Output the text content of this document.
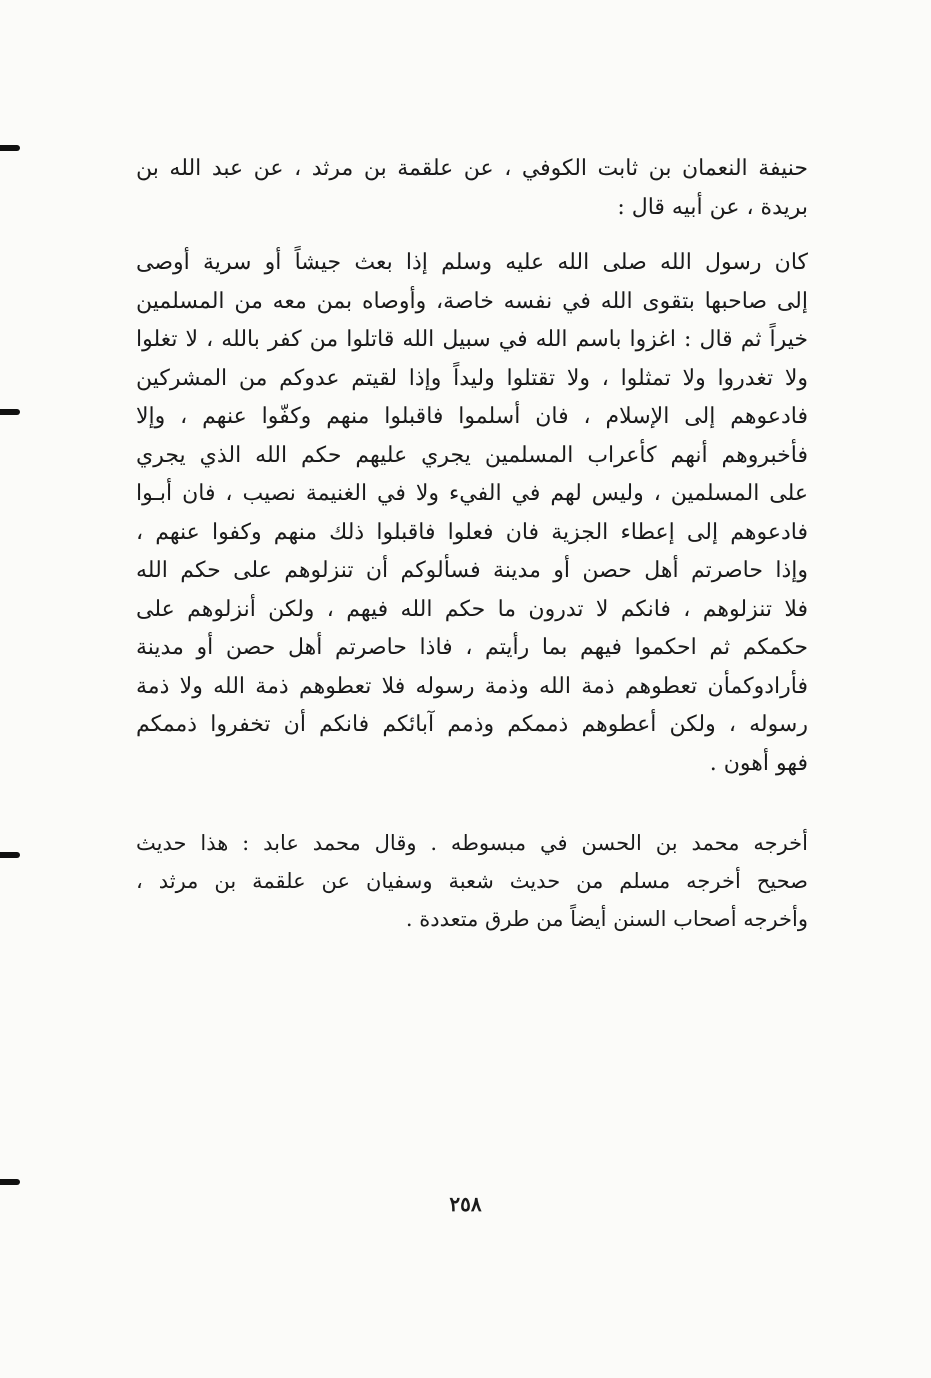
حنيفة النعمان بن ثابت الكوفي ، عن علقمة بن مرثد ، عن عبد الله بن
بريدة ، عن أبيه قال :
كان رسول الله صلى الله عليه وسلم إذا بعث جيشاً أو سرية أوصى
إلى صاحبها بتقوى الله في نفسه خاصة، وأوصاه بمن معه من المسلمين
خيراً ثم قال : اغزوا باسم الله في سبيل الله قاتلوا من كفر بالله ، لا تغلوا
ولا تغدروا ولا تمثلوا ، ولا تقتلوا وليداً وإذا لقيتم عدوكم من المشركين
فادعوهم إلى الإسلام ، فان أسلموا فاقبلوا منهم وكفّوا عنهم ، وإلا
فأخبروهم أنهم كأعراب المسلمين يجري عليهم حكم الله الذي يجري
على المسلمين ، وليس لهم في الفيء ولا في الغنيمة نصيب ، فان أبـوا
فادعوهم إلى إعطاء الجزية فان فعلوا فاقبلوا ذلك منهم وكفوا عنهم ،
وإذا حاصرتم أهل حصن أو مدينة فسألوكم أن تنزلوهم على حكم الله
فلا تنزلوهم ، فانكم لا تدرون ما حكم الله فيهم ، ولكن أنزلوهم على
حكمكم ثم احكموا فيهم بما رأيتم ، فاذا حاصرتم أهل حصن أو مدينة
فأرادوكمأن تعطوهم ذمة الله وذمة رسوله فلا تعطوهم ذمة الله ولا ذمة
رسوله ، ولكن أعطوهم ذممكم وذمم آبائكم فانكم أن تخفروا ذممكم
فهو أهون .
أخرجه محمد بن الحسن في مبسوطه . وقال محمد عابد : هذا حديث
صحيح أخرجه مسلم من حديث شعبة وسفيان عن علقمة بن مرثد ،
وأخرجه أصحاب السنن أيضاً من طرق متعددة .
٢٥٨
